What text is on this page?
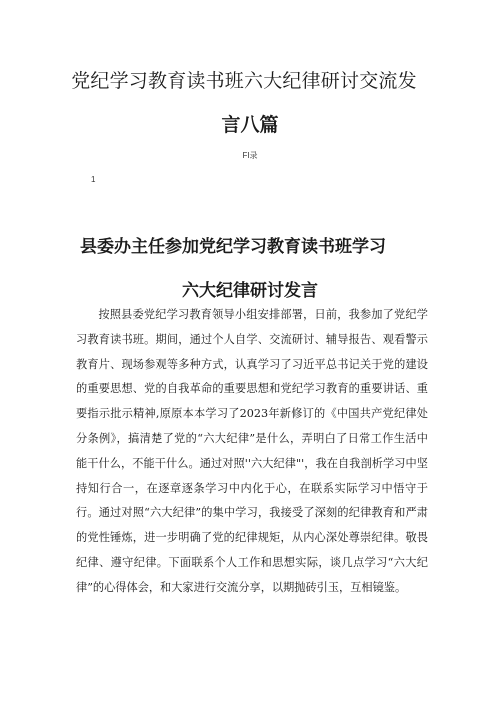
党纪学习教育读书班六大纪律研讨交流发
言八篇
FI录
1
县委办主任参加党纪学习教育读书班学习
六大纪律研讨发言

按照县委党纪学习教育领导小组安排部署，日前，我参加了党纪学习教育读书班。期间，通过个人自学、交流研讨、辅导报告、观看警示教育片、现场参观等多种方式，认真学习了习近平总书记关于党的建设的重要思想、党的自我革命的重要思想和党纪学习教育的重要讲话、重要指示批示精神,原原本本学习了2023年新修订的《中国共产党纪律处分条例》，搞清楚了党的“六大纪律”是什么，弄明白了日常工作生活中能干什么，不能干什么。通过对照''六大纪律"'，我在自我剖析学习中坚持知行合一，在逐章逐条学习中内化于心，在联系实际学习中悟守于行。通过对照“六大纪律”的集中学习，我接受了深刻的纪律教育和严肃的党性锤炼，进一步明确了党的纪律规矩，从内心深处尊崇纪律。敬畏纪律、遵守纪律。下面联系个人工作和思想实际，谈几点学习“六大纪律”的心得体会，和大家进行交流分享，以期抛砖引玉，互相镜鉴。
